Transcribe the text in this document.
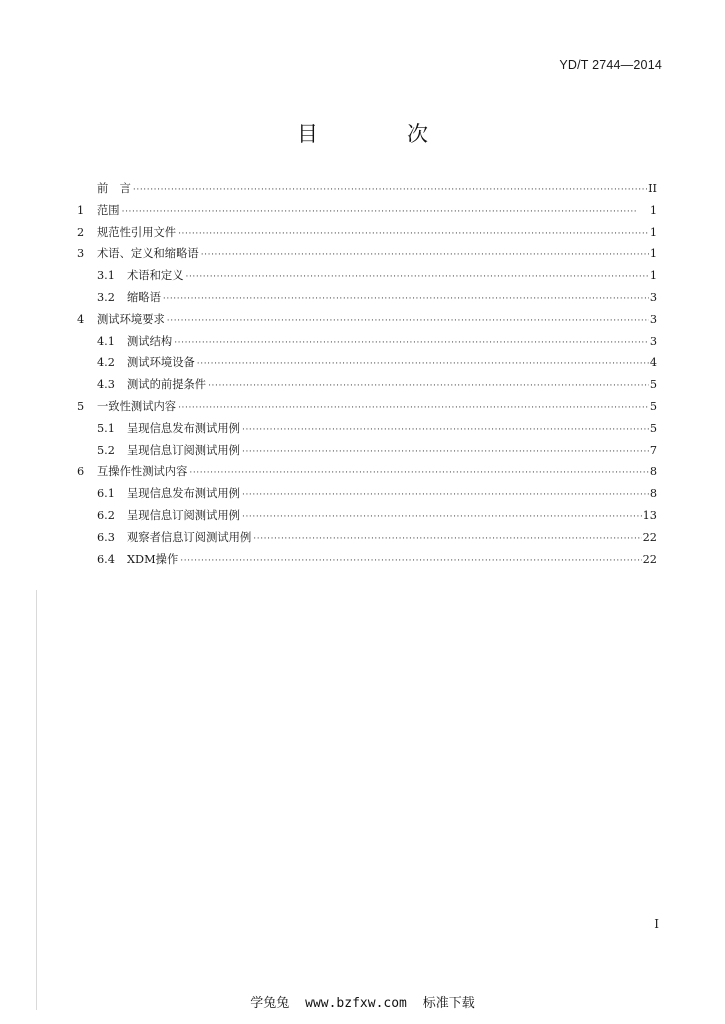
YD/T 2744—2014
目　次
前　言 ·····	II
1	范围 ·····	1
2	规范性引用文件 ·····	1
3	术语、定义和缩略语 ·····	1
3.1	术语和定义 ·····	1
3.2	缩略语 ·····	3
4	测试环境要求 ·····	3
4.1	测试结构 ·····	3
4.2	测试环境设备 ·····	4
4.3	测试的前提条件 ·····	5
5	一致性测试内容 ·····	5
5.1	呈现信息发布测试用例 ·····	5
5.2	呈现信息订阅测试用例 ·····	7
6	互操作性测试内容 ·····	8
6.1	呈现信息发布测试用例 ·····	8
6.2	呈现信息订阅测试用例 ·····	13
6.3	观察者信息订阅测试用例 ·····	22
6.4	XDM操作 ·····	22
I
学兔兔 www.bzfxw.com 标准下载
